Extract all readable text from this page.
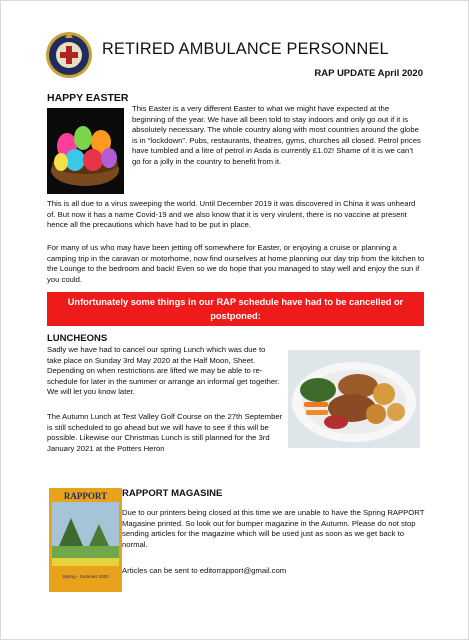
RETIRED AMBULANCE PERSONNEL
RAP UPDATE April 2020
HAPPY EASTER

This Easter is a very different Easter to what we might have expected at the beginning of the year. We have all been told to stay indoors and only go out if it is absolutely necessary. The whole country along with most countries around the globe is in “lockdown”. Pubs, restaurants, theatres, gyms, churches all closed. Petrol prices have tumbled and a litre of petrol in Asda is currently £1.02! Shame of it is we can’t go for a jolly in the country to benefit from it.

This is all due to a virus sweeping the world. Until December 2019 it was discovered in China it was unheard of. But now it has a name Covid-19 and we also know that it is very virulent, there is no vaccine at present hence all the precautions which have had to be put in place.

For many of us who may have been jetting off somewhere for Easter, or enjoying a cruise or planning a camping trip in the caravan or motorhome, now find ourselves at home planning our day trip from the kitchen to the Lounge to the bedroom and back! Even so we do hope that you managed to stay well and enjoy the sun if you could.

Unfortunately some things in our RAP schedule have had to be cancelled or postponed:
LUNCHEONS

Sadly we have had to cancel our spring Lunch which was due to take place on Sunday 3rd May 2020 at the Half Moon, Sheet. Depending on when restrictions are lifted we may be able to re-schedule for later in the summer or arrange an informal get together. We will let you know later.

The Autumn Lunch at Test Valley Golf Course on the 27th September is still scheduled to go ahead but we will have to see if this will be possible. Likewise our Christmas Lunch is still planned for the 3rd January 2021 at the Potters Heron

RAPPORT
Spring - Summer 2020
RAPPORT MAGASINE

Due to our printers being closed at this time we are unable to have the Spring RAPPORT Magasine printed. So look out for bumper magazine in the Autumn. Please do not stop sending articles for the magazine which will be used just as soon as we get back to normal.

Articles can be sent to editorrapport@gmail.com
